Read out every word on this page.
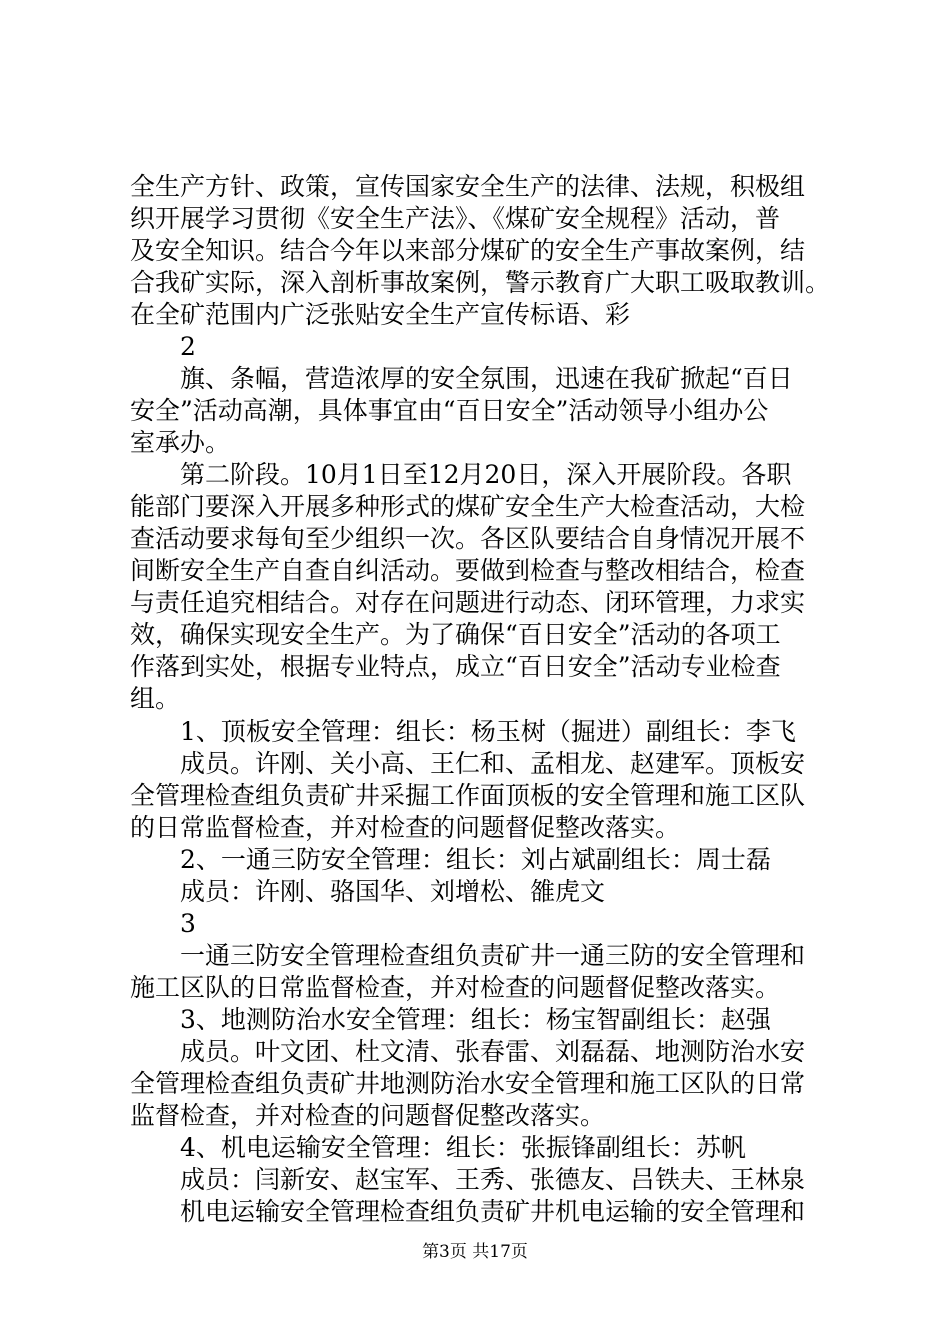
全生产方针、政策，宣传国家安全生产的法律、法规，积极组
织开展学习贯彻《安全生产法》、《煤矿安全规程》活动，普
及安全知识。结合今年以来部分煤矿的安全生产事故案例，结
合我矿实际，深入剖析事故案例，警示教育广大职工吸取教训。
在全矿范围内广泛张贴安全生产宣传标语、彩
2
旗、条幅，营造浓厚的安全氛围，迅速在我矿掀起“百日
安全”活动高潮，具体事宜由“百日安全”活动领导小组办公
室承办。
第二阶段。10月1日至12月20日，深入开展阶段。各职
能部门要深入开展多种形式的煤矿安全生产大检查活动，大检
查活动要求每旬至少组织一次。各区队要结合自身情况开展不
间断安全生产自查自纠活动。要做到检查与整改相结合，检查
与责任追究相结合。对存在问题进行动态、闭环管理，力求实
效，确保实现安全生产。为了确保“百日安全”活动的各项工
作落到实处，根据专业特点，成立“百日安全”活动专业检查
组。
1、顶板安全管理：组长：杨玉树（掘进）副组长：李飞
成员。许刚、关小高、王仁和、孟相龙、赵建军。顶板安
全管理检查组负责矿井采掘工作面顶板的安全管理和施工区队
的日常监督检查，并对检查的问题督促整改落实。
2、一通三防安全管理：组长：刘占斌副组长：周士磊
成员：许刚、骆国华、刘增松、雒虎文
3
一通三防安全管理检查组负责矿井一通三防的安全管理和
施工区队的日常监督检查，并对检查的问题督促整改落实。
3、地测防治水安全管理：组长：杨宝智副组长：赵强
成员。叶文团、杜文清、张春雷、刘磊磊、地测防治水安
全管理检查组负责矿井地测防治水安全管理和施工区队的日常
监督检查，并对检查的问题督促整改落实。
4、机电运输安全管理：组长：张振锋副组长：苏帆
成员：闫新安、赵宝军、王秀、张德友、吕铁夫、王林泉
机电运输安全管理检查组负责矿井机电运输的安全管理和
第3页 共17页
